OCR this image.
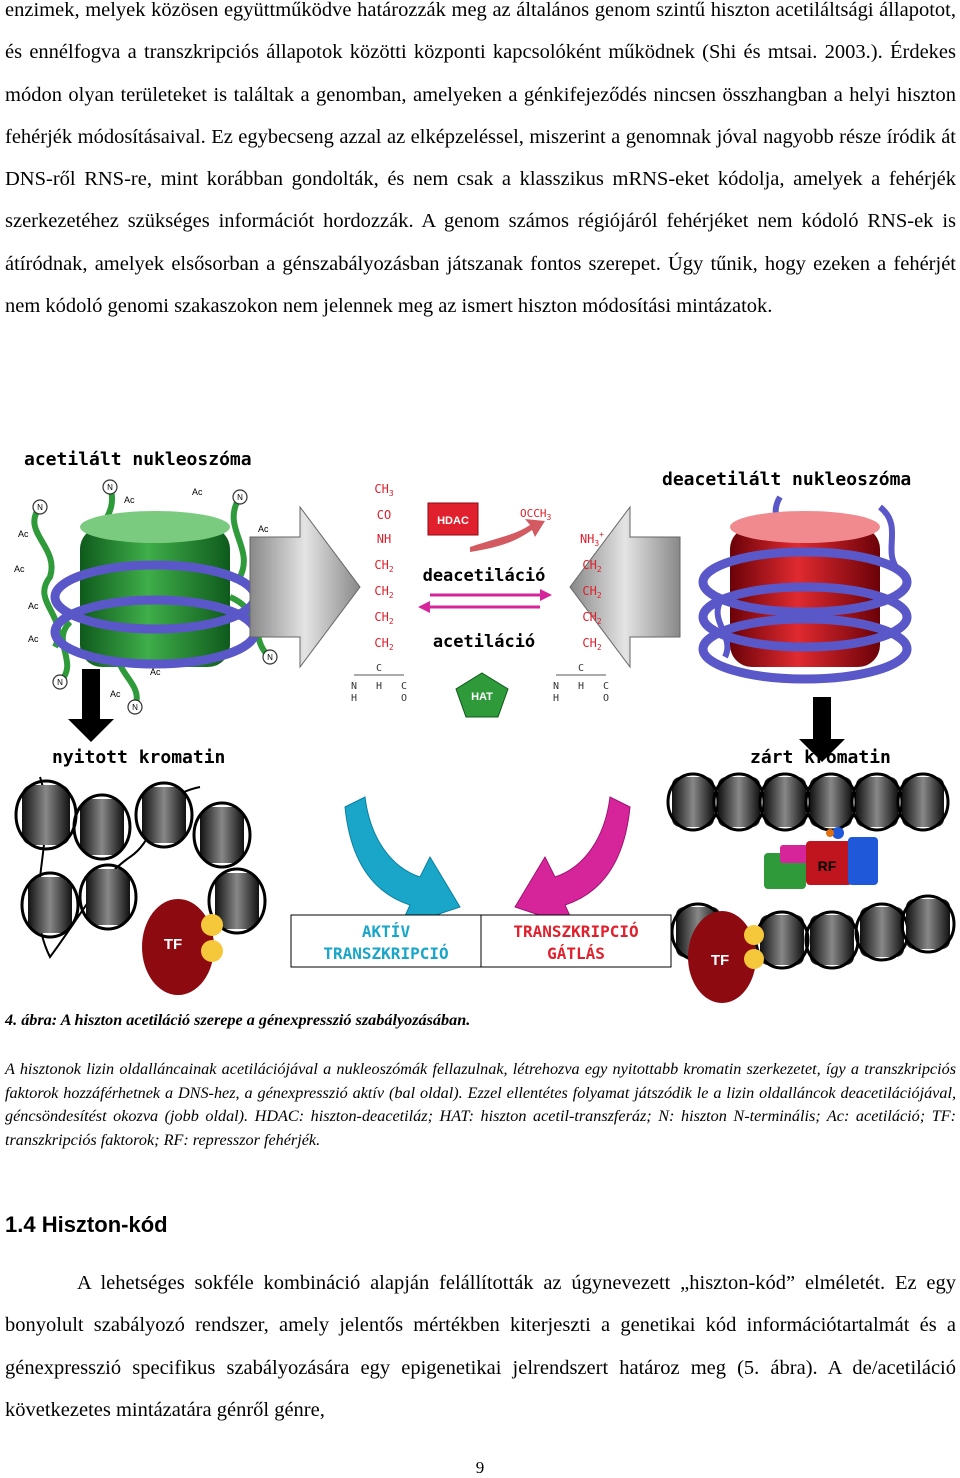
enzimek, melyek közösen együttműködve határozzák meg az általános genom szintű hiszton acetiláltsági állapotot, és ennélfogva a transzkripciós állapotok közötti központi kapcsolóként működnek (Shi és mtsai. 2003.). Érdekes módon olyan területeket is találtak a genomban, amelyeken a génkifejeződés nincsen összhangban a helyi hiszton fehérjék módosításaival. Ez egybecseng azzal az elképzeléssel, miszerint a genomnak jóval nagyobb része íródik át DNS-ről RNS-re, mint korábban gondolták, és nem csak a klasszikus mRNS-eket kódolja, amelyek a fehérjék szerkezetéhez szükséges információt hordozzák. A genom számos régiójáról fehérjéket nem kódoló RNS-ek is átíródnak, amelyek elsősorban a génszabályozásban játszanak fontos szerepet. Úgy tűnik, hogy ezeken a fehérjét nem kódoló genomi szakaszokon nem jelennek meg az ismert hiszton módosítási mintázatok.
acetilált nukleoszóma
deacetilált nukleoszóma
N
N
N
N
N
N
Ac
Ac
Ac
Ac
Ac
Ac
Ac
Ac
Ac
$CH_3$
CO
NH
$CH_2$
$CH_2$
$CH_2$
$CH_2$
$NH_3^+$
$CH_2$
$CH_2$
$CH_2$
$CH_2$
N
H
C
H C
O
N
H
C
H C
O
HDAC
$OCCH_3$
deacetiláció
acetiláció
HAT
nyitott kromatin	zárt kromatin
TF
AKTÍV
TRANSZKRIPCIÓ
TRANSZKRIPCIÓ
GÁTLÁS
RF
TF
4. ábra: A hiszton acetiláció szerepe a génexpresszió szabályozásában.
A hisztonok lizin oldalláncainak acetilációjával a nukleoszómák fellazulnak, létrehozva egy nyitottabb kromatin szerkezetet, így a transzkripciós faktorok hozzáférhetnek a DNS-hez, a génexpresszió aktív (bal oldal). Ezzel ellentétes folyamat játszódik le a lizin oldalláncok deacetilációjával, géncsöndesítést okozva (jobb oldal). HDAC: hiszton-deacetiláz; HAT: hiszton acetil-transzferáz; N: hiszton N-terminális; Ac: acetiláció; TF: transzkripciós faktorok; RF: represszor fehérjék.
1.4 Hiszton-kód
A lehetséges sokféle kombináció alapján felállították az úgynevezett „hiszton-kód” elméletét. Ez egy bonyolult szabályozó rendszer, amely jelentős mértékben kiterjeszti a genetikai kód információtartalmát és a génexpresszió specifikus szabályozására egy epigenetikai jelrendszert határoz meg (5. ábra). A de/acetiláció következetes mintázatára génről génre,
9
